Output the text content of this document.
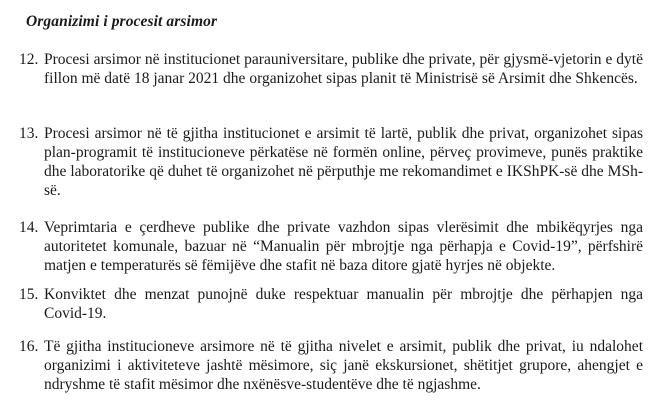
Organizimi i procesit arsimor
12. Procesi arsimor në institucionet parauniversitare, publike dhe private, për gjysmë-vjetorin e dytë fillon më datë 18 janar 2021 dhe organizohet sipas planit të Ministrisë së Arsimit dhe Shkencës.
13. Procesi arsimor në të gjitha institucionet e arsimit të lartë, publik dhe privat, organizohet sipas plan-programit të institucioneve përkatëse në formën online, përveç provimeve, punës praktike dhe laboratorike që duhet të organizohet në përputhje me rekomandimet e IKShPK-së dhe MSh-së.
14. Veprimtaria e çerdheve publike dhe private vazhdon sipas vlerësimit dhe mbikëqyrjes nga autoritetet komunale, bazuar në “Manualin për mbrojtje nga përhapja e Covid-19”, përfshirë matjen e temperaturës së fëmijëve dhe stafit në baza ditore gjatë hyrjes në objekte.
15. Konviktet dhe menzat punojnë duke respektuar manualin për mbrojtje dhe përhapjen nga Covid-19.
16. Të gjitha institucioneve arsimore në të gjitha nivelet e arsimit, publik dhe privat, iu ndalohet organizimi i aktiviteteve jashtë mësimore, siç janë ekskursionet, shëtitjet grupore, ahengjet e ndryshme të stafit mësimor dhe nxënësve-studentëve dhe të ngjashme.
